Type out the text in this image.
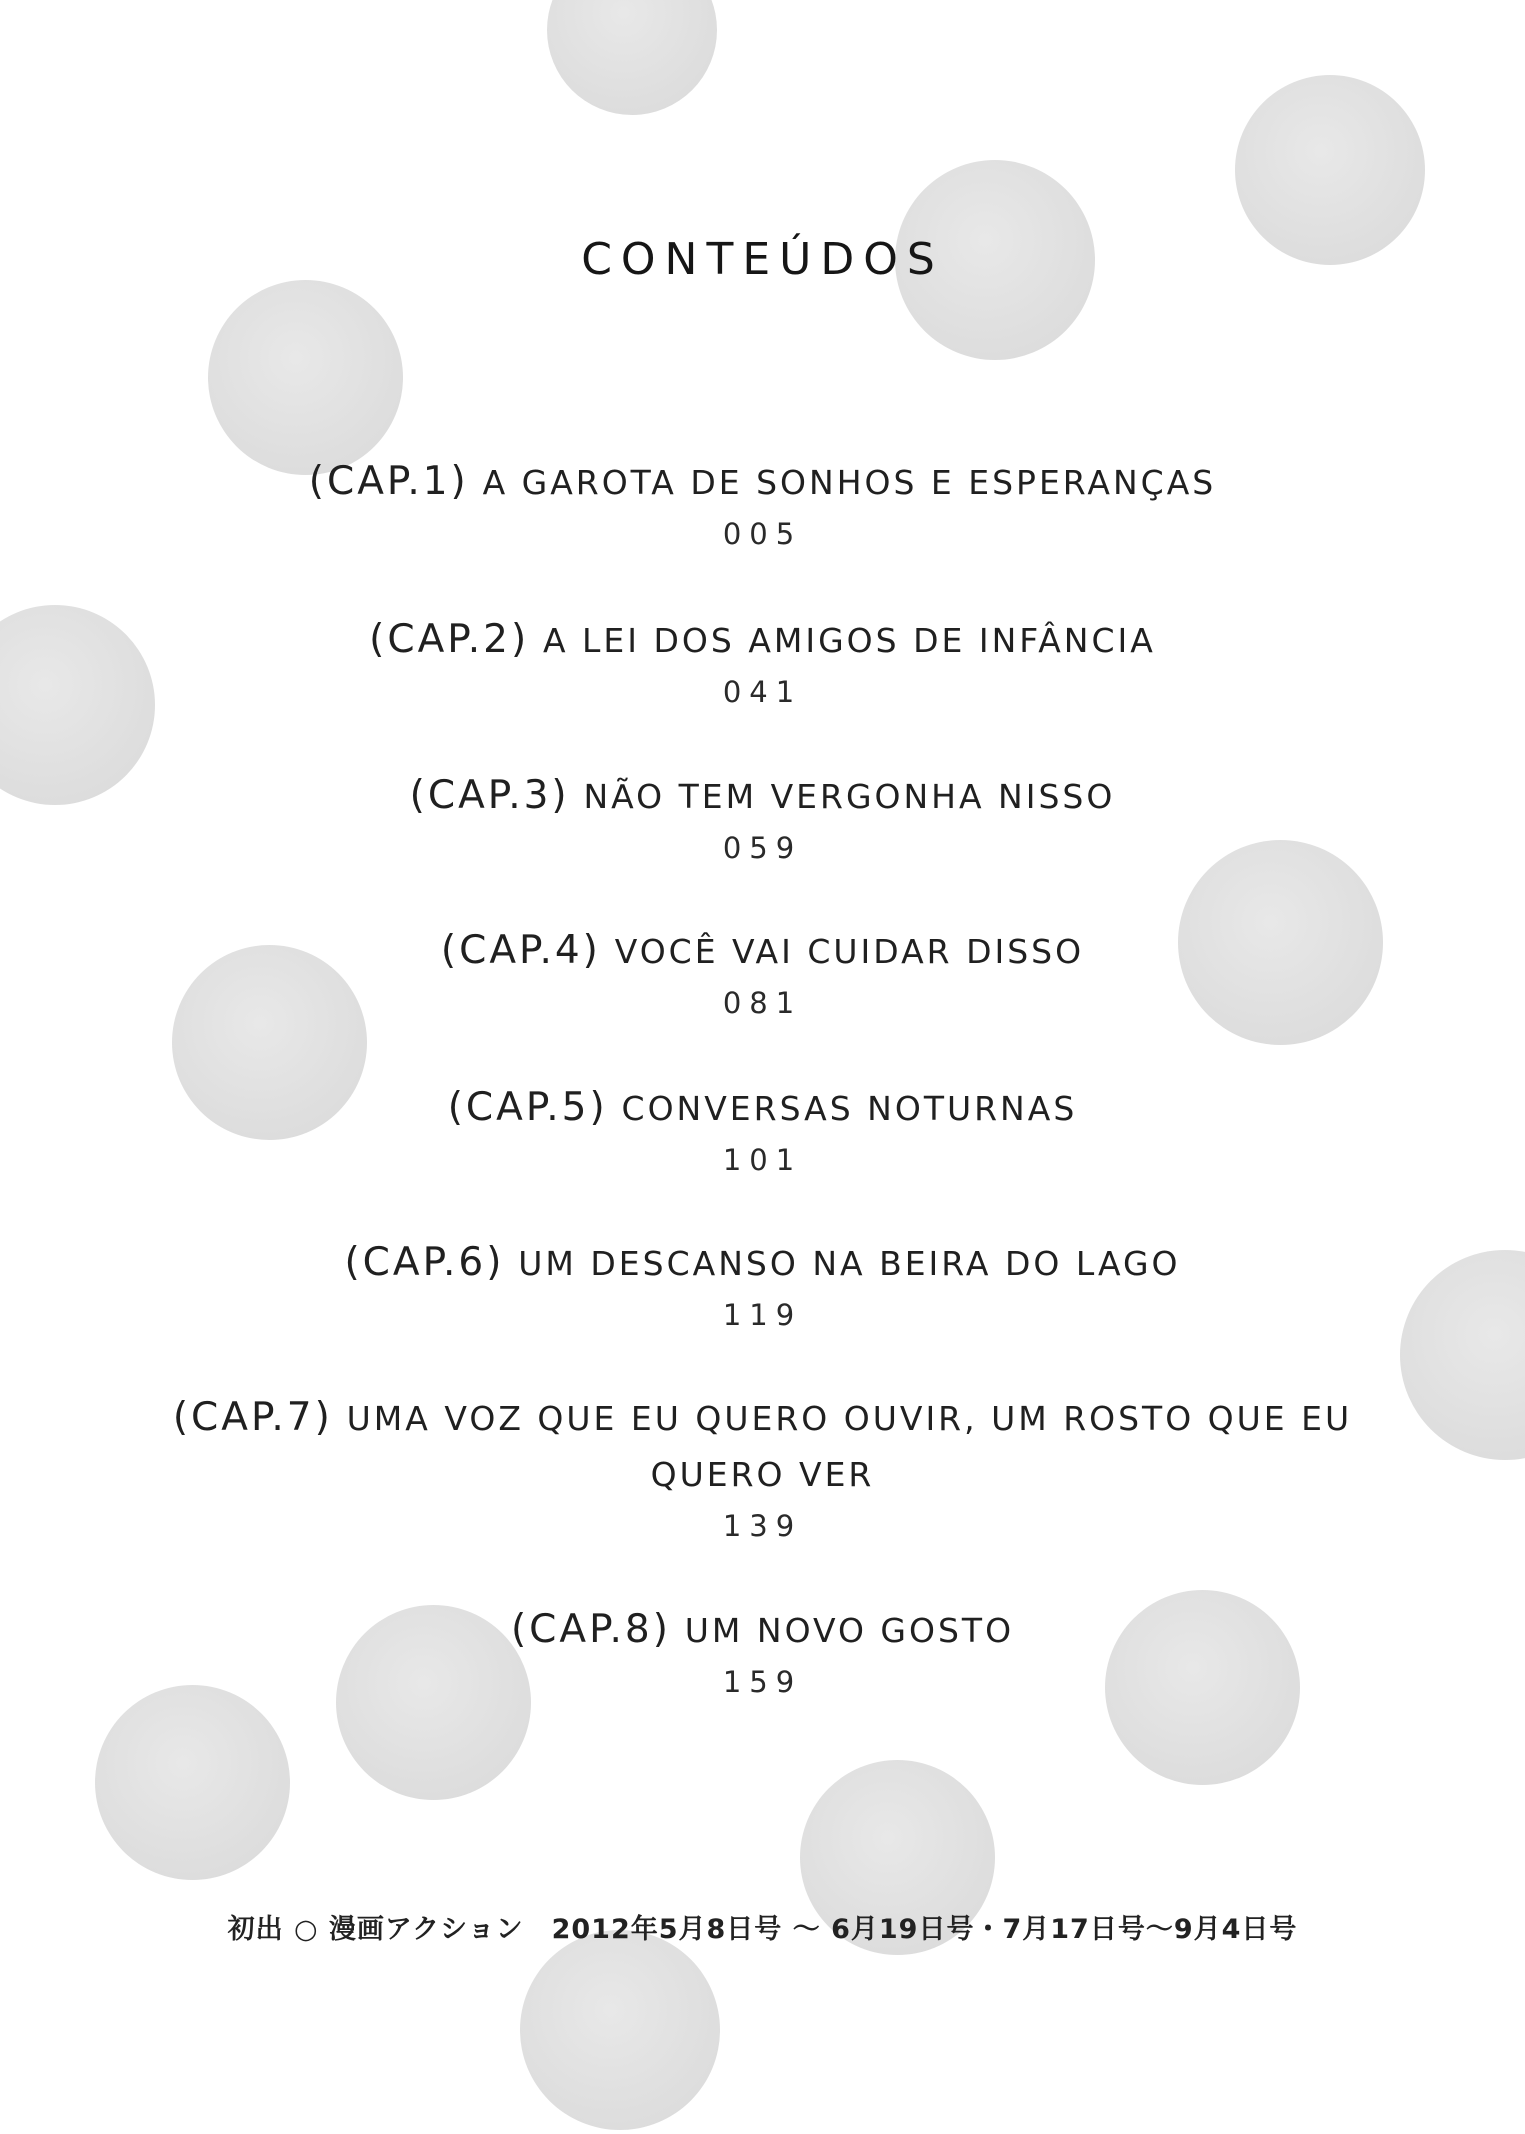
CONTEÚDOS
(CAP.1) A GAROTA DE SONHOS E ESPERANÇAS
005
(CAP.2) A LEI DOS AMIGOS DE INFÂNCIA
041
(CAP.3) NÃO TEM VERGONHA NISSO
059
(CAP.4) VOCÊ VAI CUIDAR DISSO
081
(CAP.5) CONVERSAS NOTURNAS
101
(CAP.6) UM DESCANSO NA BEIRA DO LAGO
119
(CAP.7) UMA VOZ QUE EU QUERO OUVIR, UM ROSTO QUE EU QUERO VER
139
(CAP.8) UM NOVO GOSTO
159
初出 ○ 漫画アクション　2012年5月8日号 ～ 6月19日号・7月17日号～9月4日号
